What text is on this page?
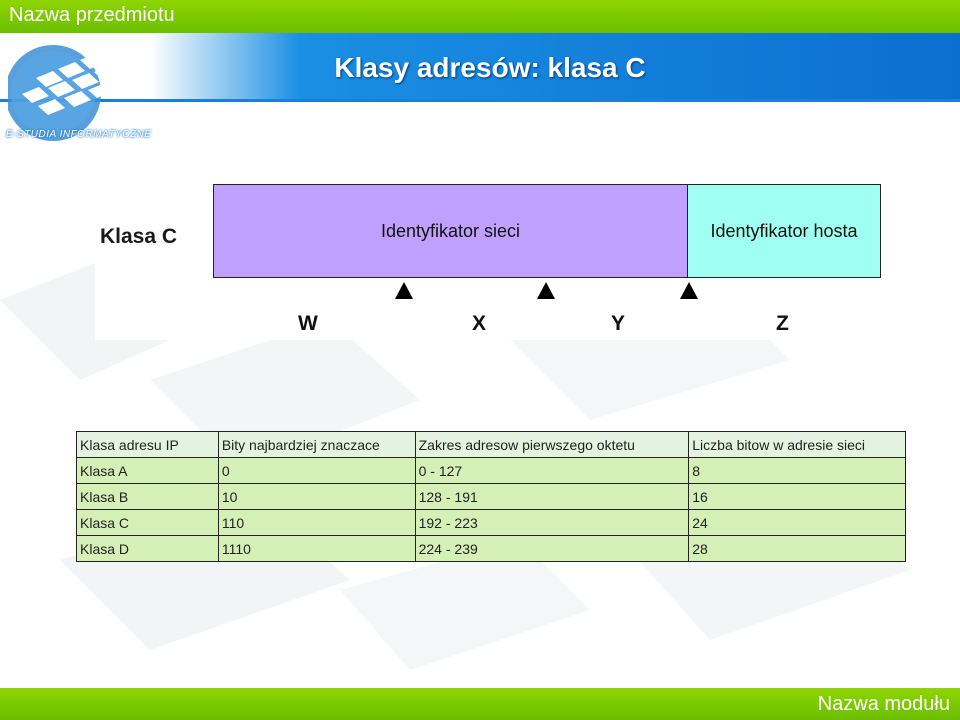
Nazwa przedmiotu
Klasy adresów: klasa C
E-STUDIA INFORMATYCZNE
Klasa C	Identyfikator sieci	Identyfikator hosta
W	X	Y	Z
Klasa adresu IP	Bity najbardziej znaczace	Zakres adresow pierwszego oktetu	Liczba bitow w adresie sieci
Klasa A	0	0 - 127	8
Klasa B	10	128 - 191	16
Klasa C	110	192 - 223	24
Klasa D	1110	224 - 239	28
Nazwa modułu
